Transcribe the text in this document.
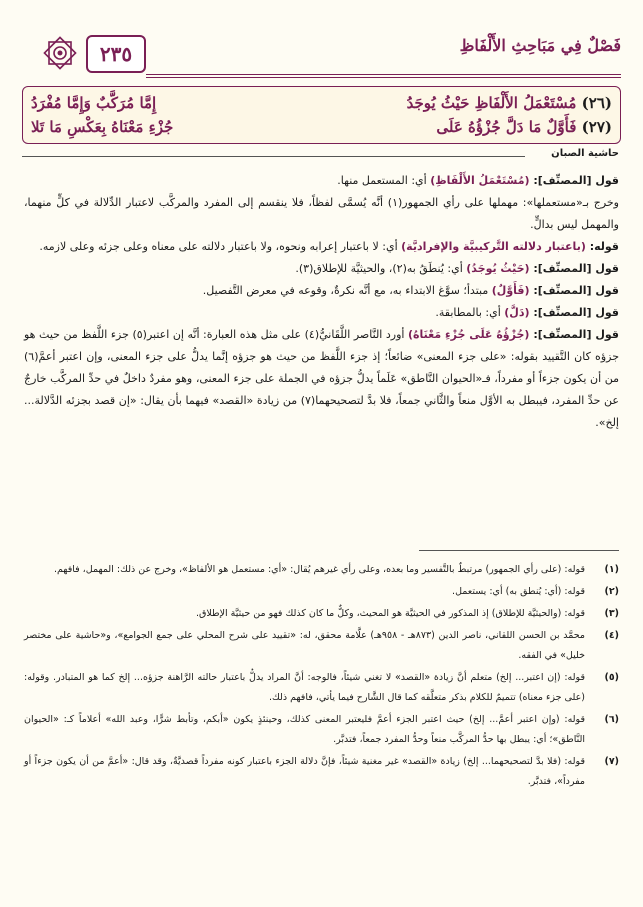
فَصْلٌ فِي مَبَاحِثِ الأَلْفَاظِ
٢٣٥
(٢٦) مُسْتَعْمَلُ الأَلْفَاظِ حَيْثُ يُوجَدُ
إِمَّا مُرَكَّبٌ وَإِمَّا مُفْرَدُ
(٢٧) فَأَوَّلٌ مَا دَلَّ جُزْؤُهُ عَلَى
جُزْءِ مَعْنَاهُ بِعَكْسِ مَا تَلا
حاشية الصبان

قول [المصنِّف]: (مُسْتَعْمَلُ الأَلْفَاظِ) أي: المستعمل منها.

وخرج بـ«مستعملها»: مهملها على رأي الجمهور(١) أنَّه يُسمَّى لفظاً، فلا ينقسم إلى المفرد والمركَّب لاعتبار الدِّلالة في كلٍّ منهما، والمهمل ليس بدالٍّ.

قوله: (باعتبار دلالته التَّركيبيَّة والإفراديَّة) أي: لا باعتبار إعرابه ونحوه، ولا باعتبار دلالته على معناه وعلى جزئه وعلى لازمه.

قول [المصنِّف]: (حَيْثُ يُوجَدُ) أي: يُنطَقُ به(٢)، والحيثيَّة للإطلاق(٣).

قول [المصنِّف]: (فَأَوَّلٌ) مبتدأ؛ سوَّغ الابتداء به، مع أنَّه نكرةٌ، وقوعه في معرض التَّفصيل.

قول [المصنِّف]: (دَلَّ) أي: بالمطابقة.

قول [المصنِّف]: (جُزْؤُهُ عَلَى جُزْءِ مَعْنَاهُ) أورد النَّاصر اللَّقَانيُّ(٤) على مثل هذه العبارة: أنَّه إن اعتبر(٥) جزء اللَّفظ من حيث هو جزؤه كان التَّقييد بقوله: «على جزء المعنى» ضائعاً؛ إذ جزء اللَّفظ من حيث هو جزؤه إنَّما يدلُّ على جزء المعنى، وإن اعتبر أعمَّ(٦) من أن يكون جزءاً أو مفرداً، فـ«الحيوان النَّاطق» عَلَماً يدلُّ جزؤه في الجملة على جزء المعنى، وهو مفردٌ داخلٌ في حدِّ المركَّب خارجٌ عن حدِّ المفرد، فيبطل به الأوَّل منعاً والثَّاني جمعاً، فلا بدَّ لتصحيحهما(٧) من زيادة «القصد» فيهما بأن يقال: «إن قصد بجزئه الدَّلالة... إلخ».

(١)
قوله: (على رأي الجمهور) مرتبطٌ بالتَّفسير وما بعده، وعلى رأي غيرهم يُقال: «أي: مستعمل هو الألفاظ»، وخرج عن ذلك: المهمل، فافهم.
(٢)
قوله: (أي: يُنطق به) أي: يستعمل.
(٣)
قوله: (والحيثيَّة للإطلاق) إذ المذكور في الحيثيَّة هو المحيث، وكلٌّ ما كان كذلك فهو من حيثيَّة الإطلاق.
(٤)
محمَّد بن الحسن اللقاني، ناصر الدين (٨٧٣هـ - ٩٥٨هـ) علَّامة محقق، له: «تقييد على شرح المحلي على جمع الجوامع»، و«حاشية على مختصر خليل» في الفقه.
(٥)
قوله: (إن اعتبر... إلخ) متعلم أنَّ زيادة «القصد» لا تغني شيئاً، فالوجه: أنَّ المراد يدلُّ باعتبار حالته الرَّاهنة جزؤه... إلخ كما هو المتبادر. وقوله: (على جزء معناه) تتميمٌ للكلام بذكر متعلَّقه كما قال الشَّارح فيما يأتي، فافهم ذلك.
(٦)
قوله: (وإن اعتبر أعمَّ... إلخ) حيث اعتبر الجزء أعمَّ فليعتبر المعنى كذلك، وحينئذٍ يكون «أبكم، وتأبط شرًّا، وعبد الله» أعلاماً كـ: «الحيوان النَّاطق»؛ أي: يبطل بها حدُّ المركَّب منعاً وحدُّ المفرد جمعاً، فتدبَّر.
(٧)
قوله: (فلا بدَّ لتصحيحهما... إلخ) زيادة «القصد» غير مغنية شيئاً، فإنَّ دلالة الجزء باعتبار كونه مفرداً قصديَّةٌ، وقد قال: «أعمَّ من أن يكون جزءاً أو مفرداً»، فتدبَّر.
